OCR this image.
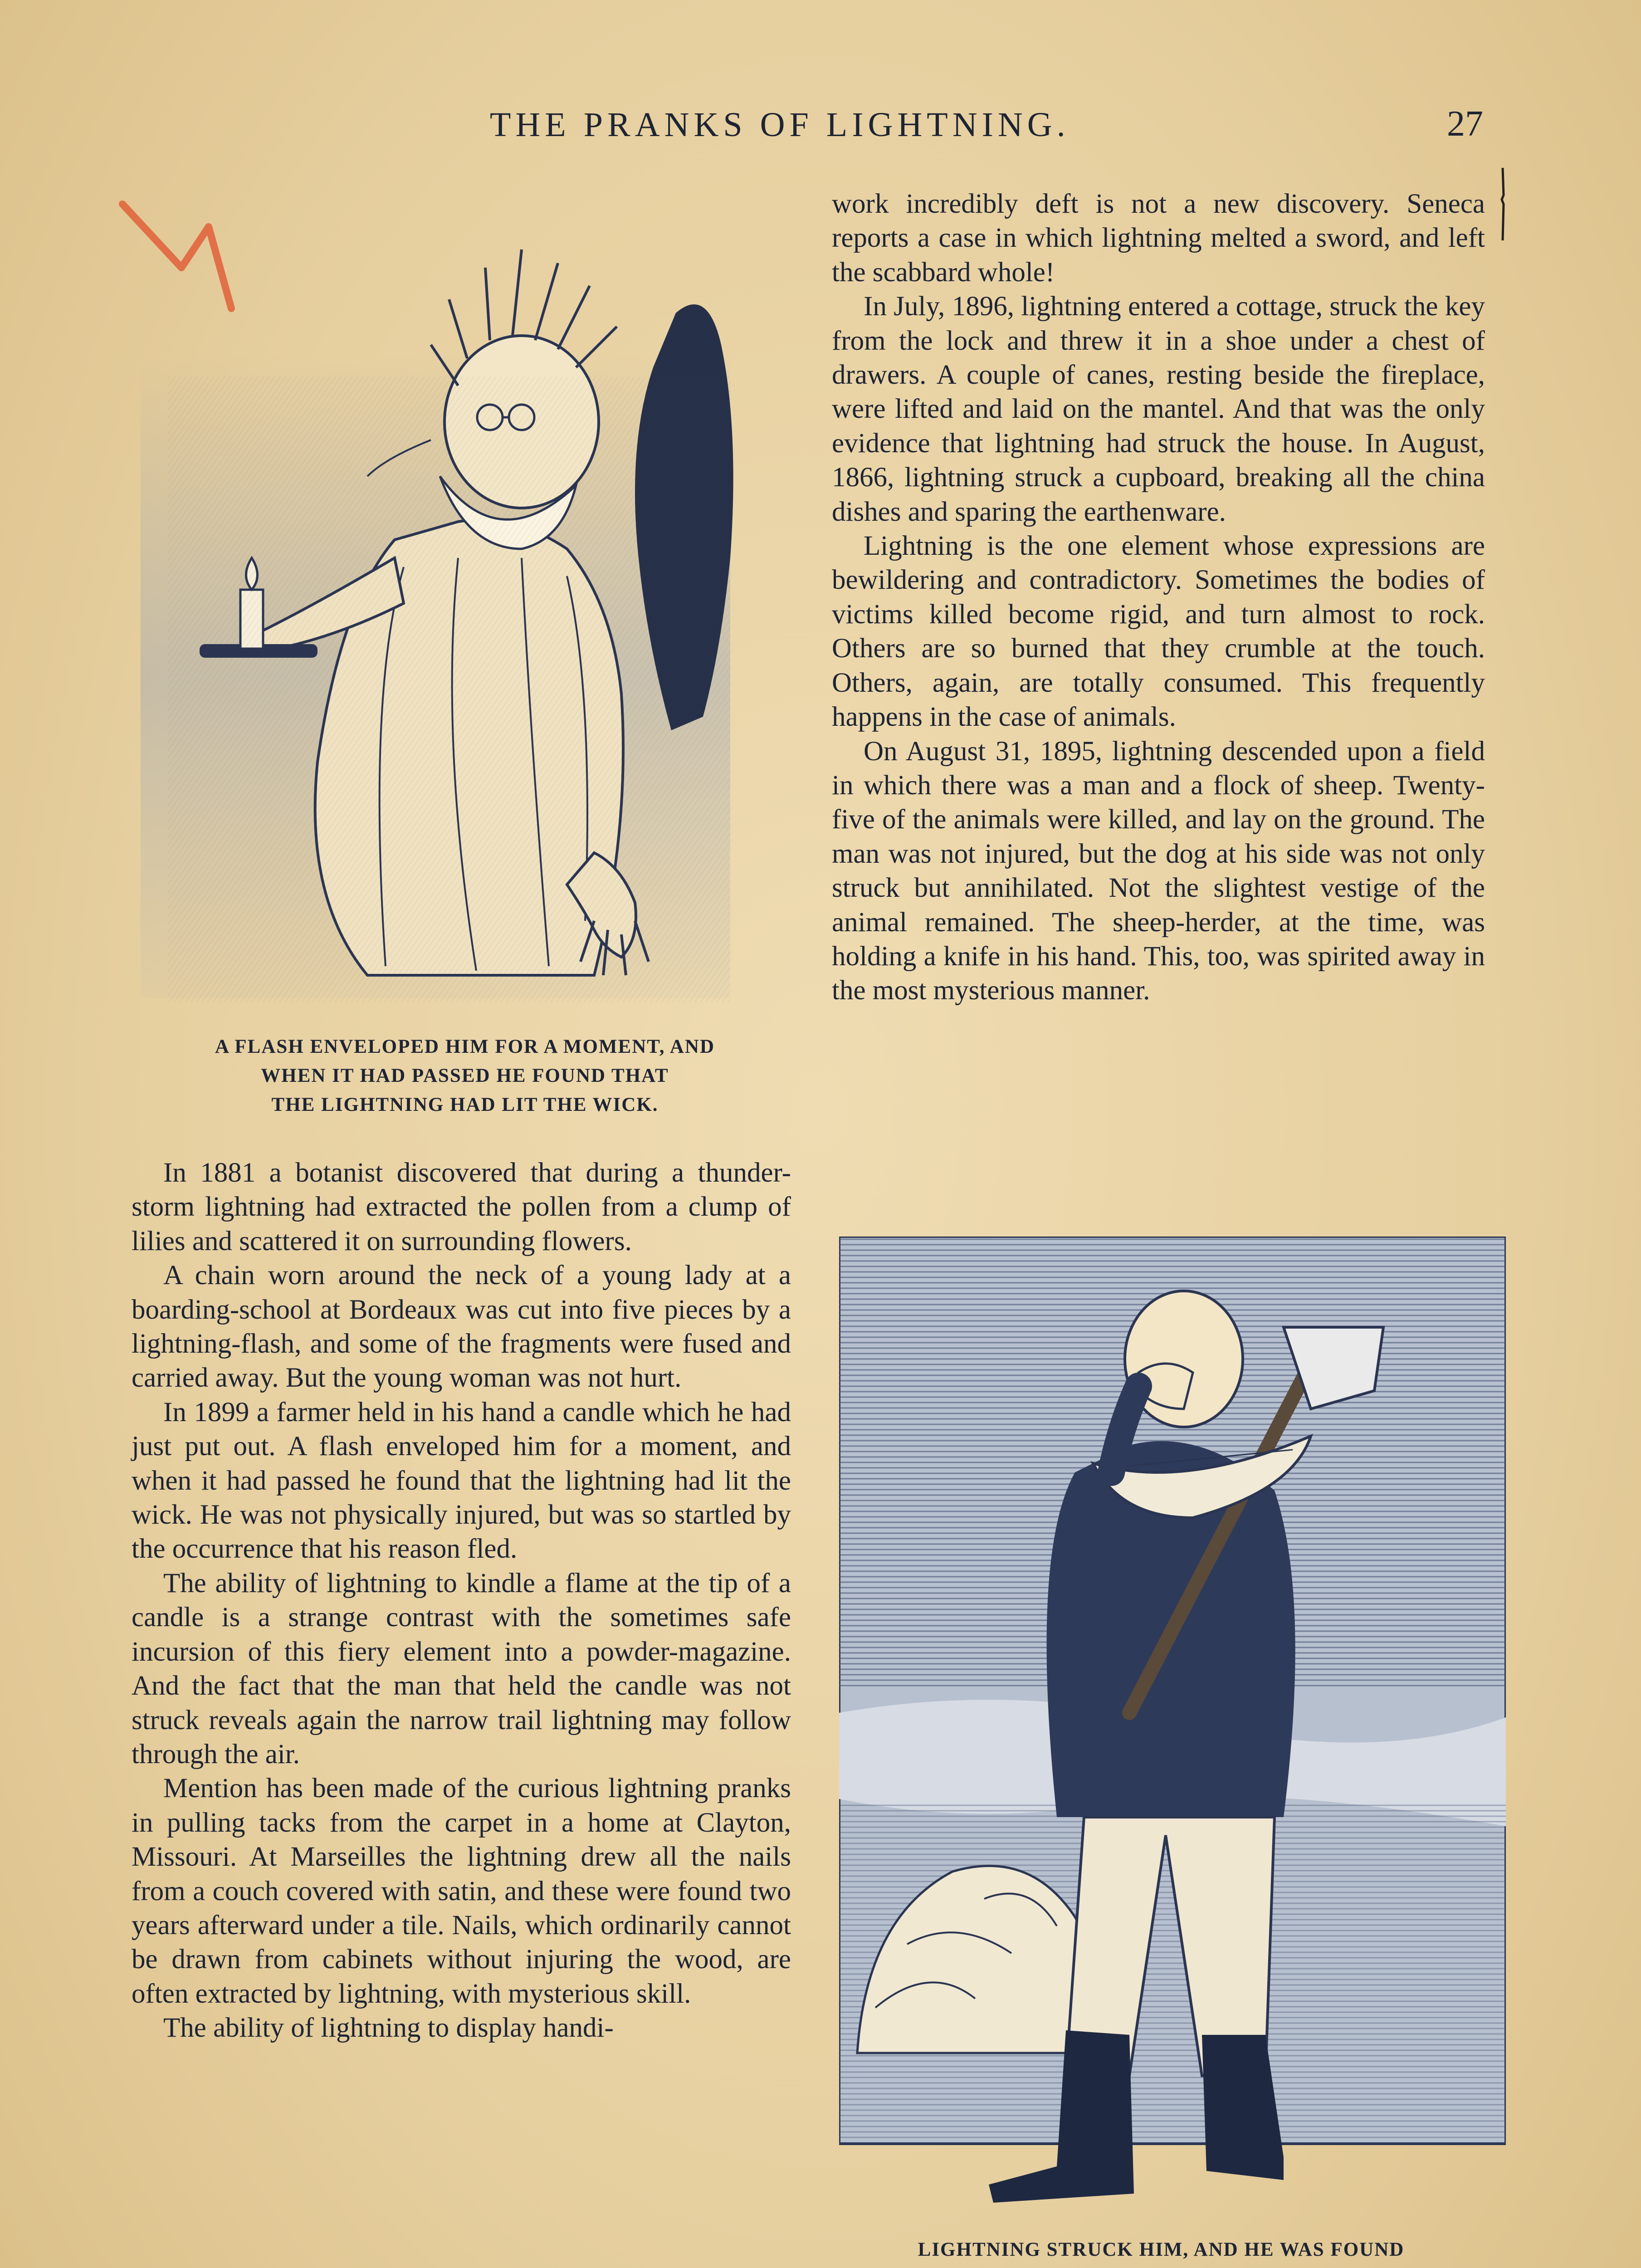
THE PRANKS OF LIGHTNING.	27
A FLASH ENVELOPED HIM FOR A MOMENT, AND
WHEN IT HAD PASSED HE FOUND THAT
THE LIGHTNING HAD LIT THE WICK.

In 1881 a botanist discovered that during a thunder-storm lightning had extracted the pollen from a clump of lilies and scattered it on surrounding flowers.

A chain worn around the neck of a young lady at a boarding-school at Bordeaux was cut into five pieces by a lightning-flash, and some of the fragments were fused and carried away. But the young woman was not hurt.

In 1899 a farmer held in his hand a candle which he had just put out. A flash enveloped him for a moment, and when it had passed he found that the lightning had lit the wick. He was not physically injured, but was so startled by the occurrence that his reason fled.

The ability of lightning to kindle a flame at the tip of a candle is a strange contrast with the sometimes safe incursion of this fiery element into a powder-magazine. And the fact that the man that held the candle was not struck reveals again the narrow trail lightning may follow through the air.

Mention has been made of the curious lightning pranks in pulling tacks from the carpet in a home at Clayton, Missouri. At Marseilles the lightning drew all the nails from a couch covered with satin, and these were found two years afterward under a tile. Nails, which ordinarily cannot be drawn from cabinets without injuring the wood, are often extracted by lightning, with mysterious skill.

The ability of lightning to display handi-

work incredibly deft is not a new discovery. Seneca reports a case in which lightning melted a sword, and left the scabbard whole!

In July, 1896, lightning entered a cottage, struck the key from the lock and threw it in a shoe under a chest of drawers. A couple of canes, resting beside the fireplace, were lifted and laid on the mantel. And that was the only evidence that lightning had struck the house. In August, 1866, lightning struck a cupboard, breaking all the china dishes and sparing the earthenware.

Lightning is the one element whose expressions are bewildering and contradictory. Sometimes the bodies of victims killed become rigid, and turn almost to rock. Others are so burned that they crumble at the touch. Others, again, are totally consumed. This frequently happens in the case of animals.

On August 31, 1895, lightning descended upon a field in which there was a man and a flock of sheep. Twenty-five of the animals were killed, and lay on the ground. The man was not injured, but the dog at his side was not only struck but annihilated. Not the slightest vestige of the animal remained. The sheep-herder, at the time, was holding a knife in his hand. This, too, was spirited away in the most mysterious manner.

LIGHTNING STRUCK HIM, AND HE WAS FOUND
